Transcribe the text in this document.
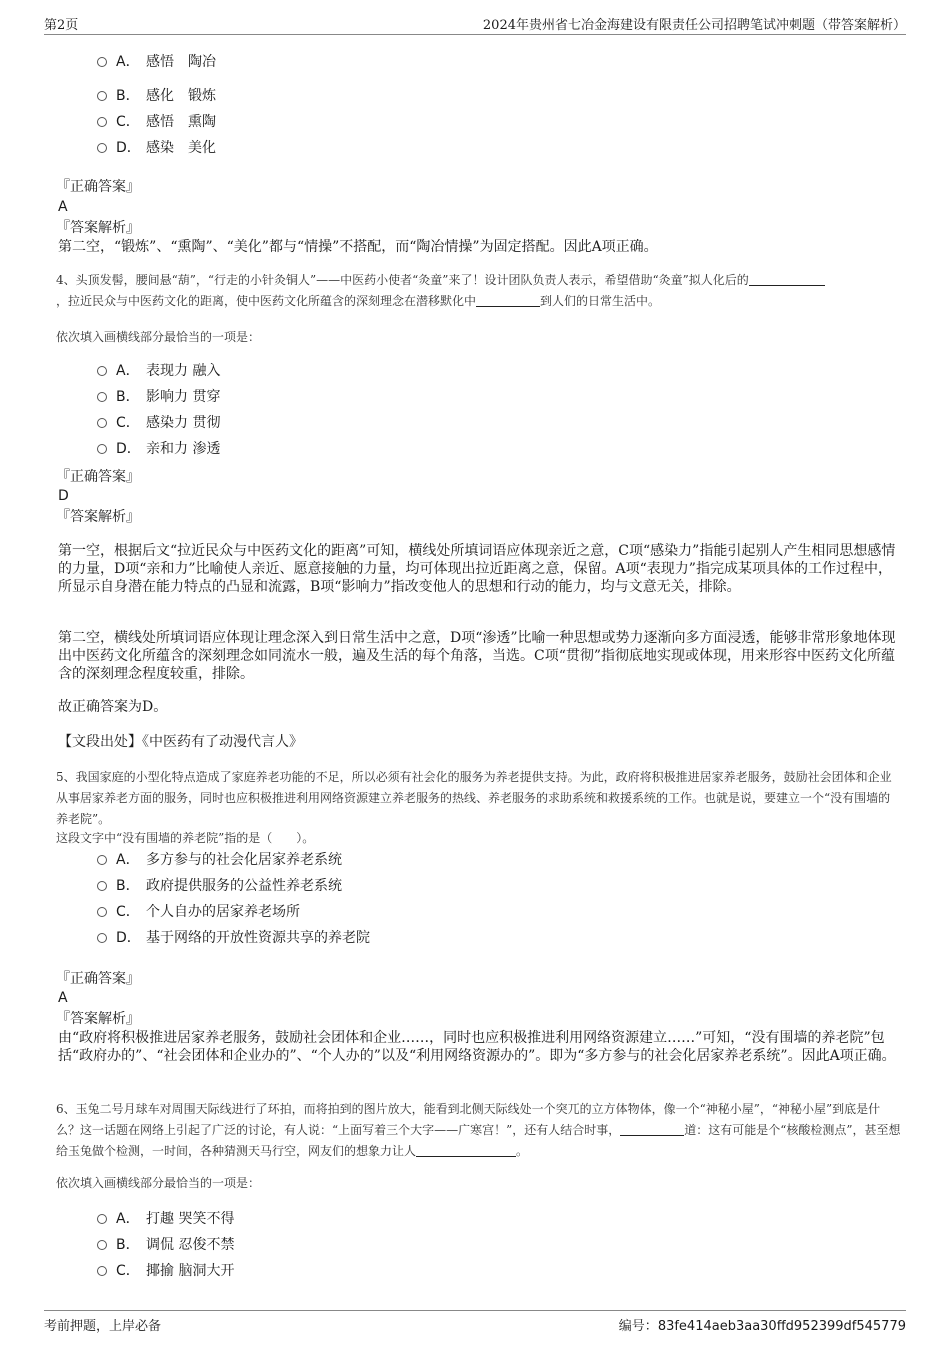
第2页	2024年贵州省七冶金海建设有限责任公司招聘笔试冲刺题（带答案解析）
A． 感悟　陶冶
B． 感化　锻炼
C． 感悟　熏陶
D． 感染　美化
『正确答案』
A
『答案解析』
第二空，“锻炼”、“熏陶”、“美化”都与“情操”不搭配，而“陶冶情操”为固定搭配。因此A项正确。
4、头顶发髻，腰间悬“葫”，“行走的小针灸铜人”——中医药小使者“灸童”来了！设计团队负责人表示，希望借助“灸童”拟人化后的
，拉近民众与中医药文化的距离，使中医药文化所蕴含的深刻理念在潜移默化中	到人们的日常生活中。
依次填入画横线部分最恰当的一项是：
A． 表现力 融入
B． 影响力 贯穿
C． 感染力 贯彻
D． 亲和力 渗透
『正确答案』
D
『答案解析』
第一空，根据后文“拉近民众与中医药文化的距离”可知，横线处所填词语应体现亲近之意，C项“感染力”指能引起别人产生相同思想感情的力量，D项“亲和力”比喻使人亲近、愿意接触的力量，均可体现出拉近距离之意，保留。A项“表现力”指完成某项具体的工作过程中，所显示自身潜在能力特点的凸显和流露，B项“影响力”指改变他人的思想和行动的能力，均与文意无关，排除。
第二空，横线处所填词语应体现让理念深入到日常生活中之意，D项“渗透”比喻一种思想或势力逐渐向多方面浸透，能够非常形象地体现出中医药文化所蕴含的深刻理念如同流水一般，遍及生活的每个角落，当选。C项“贯彻”指彻底地实现或体现，用来形容中医药文化所蕴含的深刻理念程度较重，排除。
故正确答案为D。
【文段出处】《中医药有了动漫代言人》
5、我国家庭的小型化特点造成了家庭养老功能的不足，所以必须有社会化的服务为养老提供支持。为此，政府将积极推进居家养老服务，鼓励社会团体和企业从事居家养老方面的服务，同时也应积极推进利用网络资源建立养老服务的热线、养老服务的求助系统和救援系统的工作。也就是说，要建立一个“没有围墙的养老院”。
这段文字中“没有围墙的养老院”指的是（　　）。
A． 多方参与的社会化居家养老系统
B． 政府提供服务的公益性养老系统
C． 个人自办的居家养老场所
D． 基于网络的开放性资源共享的养老院
『正确答案』
A
『答案解析』
由“政府将积极推进居家养老服务，鼓励社会团体和企业……，同时也应积极推进利用网络资源建立……”可知，“没有围墙的养老院”包括“政府办的”、“社会团体和企业办的”、“个人办的”以及“利用网络资源办的”。即为“多方参与的社会化居家养老系统”。因此A项正确。
6、玉兔二号月球车对周围天际线进行了环拍，而将拍到的图片放大，能看到北侧天际线处一个突兀的立方体物体，像一个“神秘小屋”，“神秘小屋”到底是什么？这一话题在网络上引起了广泛的讨论，有人说：“上面写着三个大字——广寒宫！”，还有人结合时事，	道：这有可能是个“核酸检测点”，甚至想给玉兔做个检测，一时间，各种猜测天马行空，网友们的想象力让人	。
依次填入画横线部分最恰当的一项是：
A． 打趣 哭笑不得
B． 调侃 忍俊不禁
C． 揶揄 脑洞大开
考前押题，上岸必备	编号：83fe414aeb3aa30ffd952399df545779
